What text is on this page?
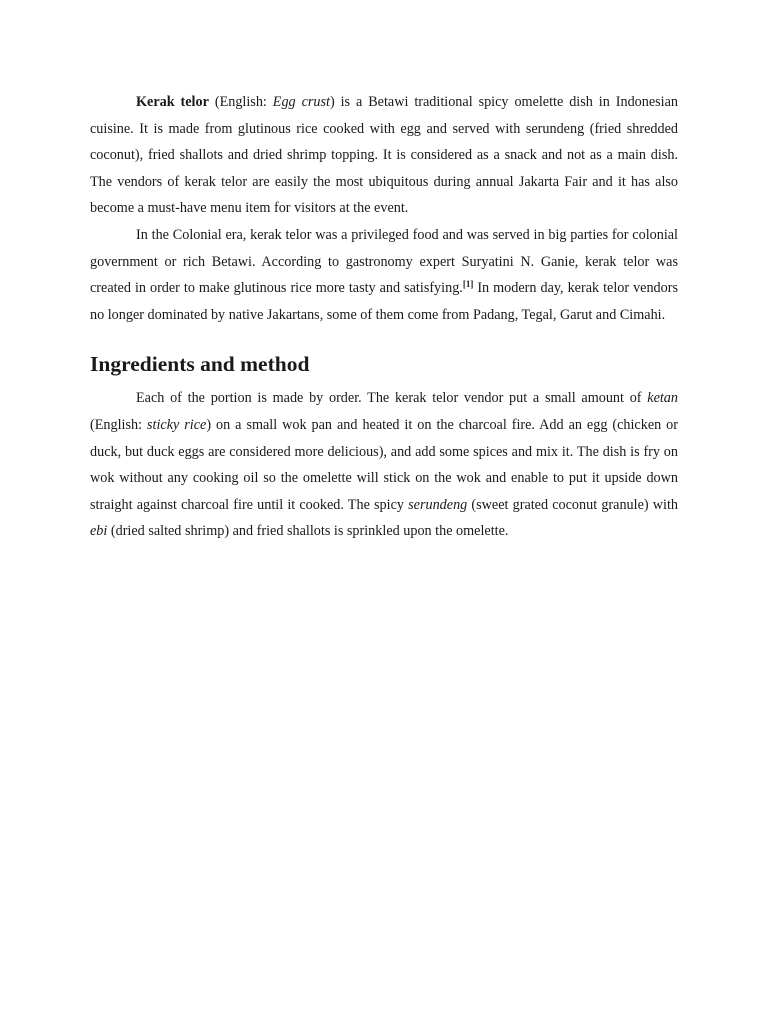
Kerak telor (English: Egg crust) is a Betawi traditional spicy omelette dish in Indonesian cuisine. It is made from glutinous rice cooked with egg and served with serundeng (fried shredded coconut), fried shallots and dried shrimp topping. It is considered as a snack and not as a main dish. The vendors of kerak telor are easily the most ubiquitous during annual Jakarta Fair and it has also become a must-have menu item for visitors at the event.

In the Colonial era, kerak telor was a privileged food and was served in big parties for colonial government or rich Betawi. According to gastronomy expert Suryatini N. Ganie, kerak telor was created in order to make glutinous rice more tasty and satisfying.[1] In modern day, kerak telor vendors no longer dominated by native Jakartans, some of them come from Padang, Tegal, Garut and Cimahi.

Ingredients and method

Each of the portion is made by order. The kerak telor vendor put a small amount of ketan (English: sticky rice) on a small wok pan and heated it on the charcoal fire. Add an egg (chicken or duck, but duck eggs are considered more delicious), and add some spices and mix it. The dish is fry on wok without any cooking oil so the omelette will stick on the wok and enable to put it upside down straight against charcoal fire until it cooked. The spicy serundeng (sweet grated coconut granule) with ebi (dried salted shrimp) and fried shallots is sprinkled upon the omelette.
